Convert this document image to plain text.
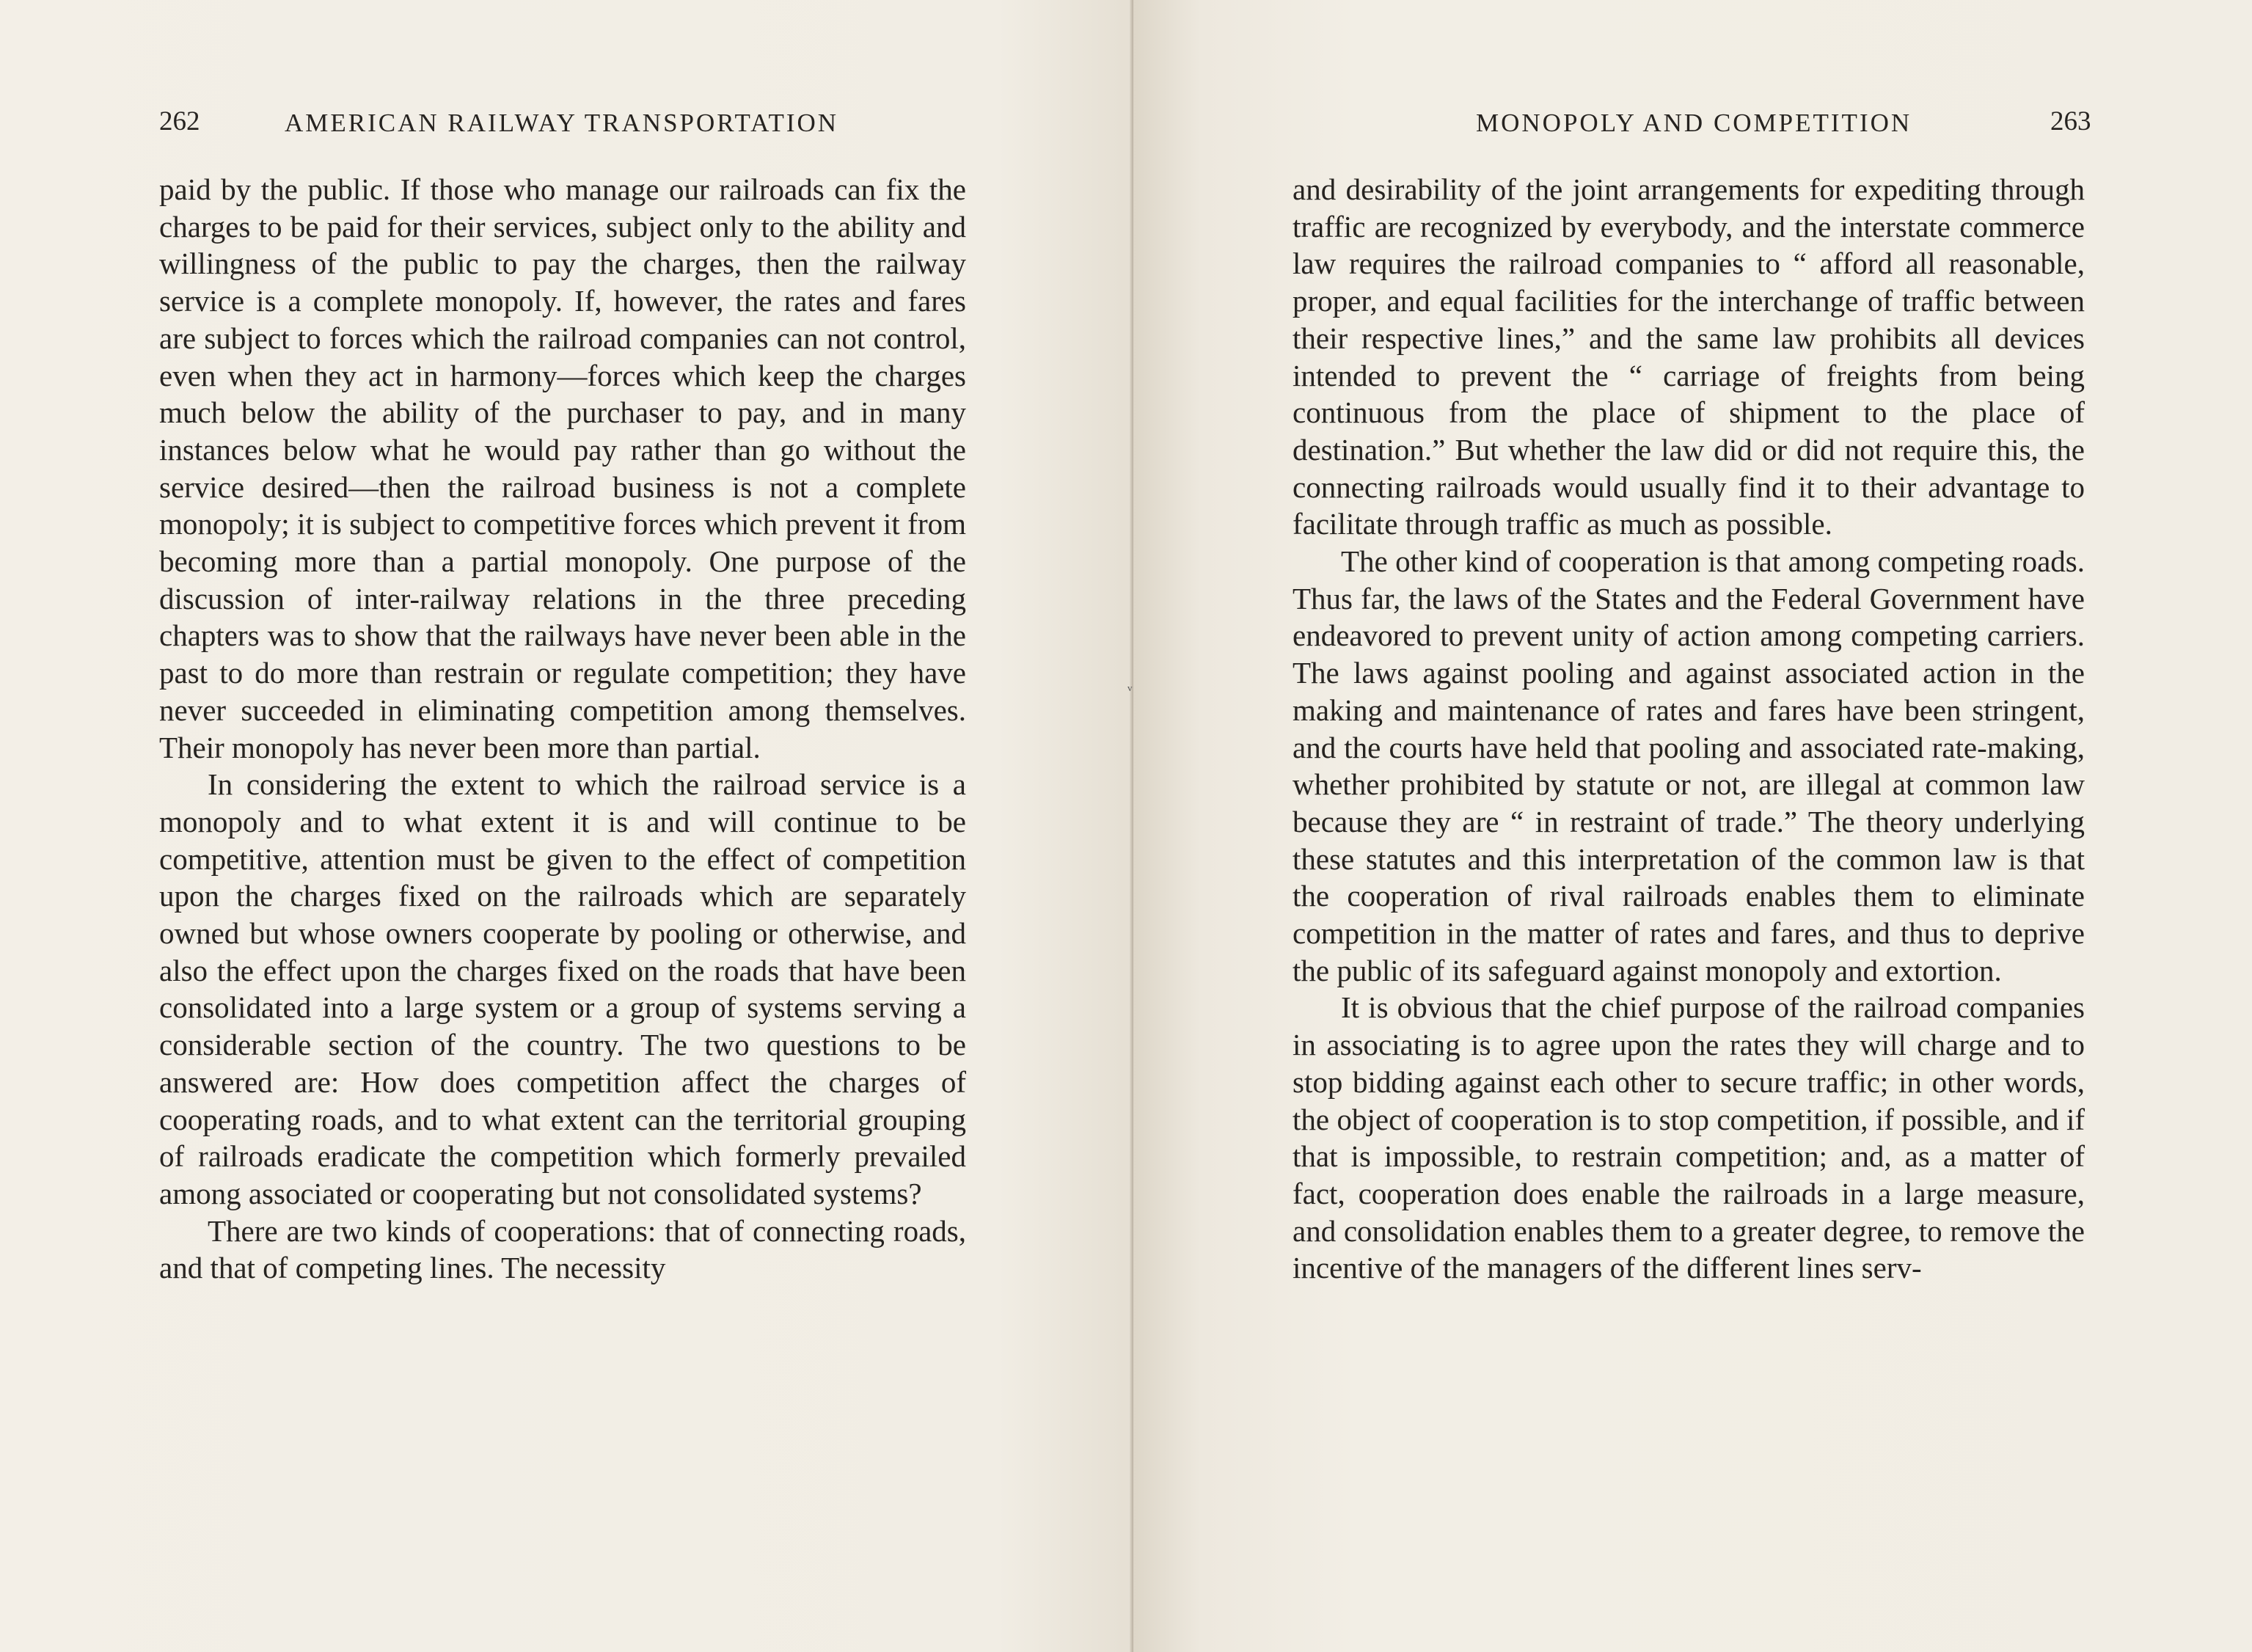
262	AMERICAN RAILWAY TRANSPORTATION

paid by the public. If those who manage our railroads can fix the charges to be paid for their services, subject only to the ability and willingness of the public to pay the charges, then the railway service is a complete monopoly. If, however, the rates and fares are subject to forces which the railroad companies can not control, even when they act in harmony—forces which keep the charges much below the ability of the purchaser to pay, and in many instances below what he would pay rather than go without the service desired—then the railroad business is not a complete monopoly; it is subject to competitive forces which prevent it from becoming more than a partial monopoly. One purpose of the discussion of inter-railway relations in the three preceding chapters was to show that the railways have never been able in the past to do more than restrain or regulate competition; they have never succeeded in eliminating competition among themselves. Their monopoly has never been more than partial.

In considering the extent to which the railroad service is a monopoly and to what extent it is and will continue to be competitive, attention must be given to the effect of competition upon the charges fixed on the railroads which are separately owned but whose owners cooperate by pooling or otherwise, and also the effect upon the charges fixed on the roads that have been consolidated into a large system or a group of systems serving a considerable section of the country. The two questions to be answered are: How does competition affect the charges of cooperating roads, and to what extent can the territorial grouping of railroads eradicate the competition which formerly prevailed among associated or cooperating but not consolidated systems?

There are two kinds of cooperations: that of connecting roads, and that of competing lines. The necessity

ᵥ
MONOPOLY AND COMPETITION	263

and desirability of the joint arrangements for expediting through traffic are recognized by everybody, and the interstate commerce law requires the railroad companies to “ afford all reasonable, proper, and equal facilities for the interchange of traffic between their respective lines,” and the same law prohibits all devices intended to prevent the “ carriage of freights from being continuous from the place of shipment to the place of destination.” But whether the law did or did not require this, the connecting railroads would usually find it to their advantage to facilitate through traffic as much as possible.

The other kind of cooperation is that among competing roads. Thus far, the laws of the States and the Federal Government have endeavored to prevent unity of action among competing carriers. The laws against pooling and against associated action in the making and maintenance of rates and fares have been stringent, and the courts have held that pooling and associated rate-making, whether prohibited by statute or not, are illegal at common law because they are “ in restraint of trade.” The theory underlying these statutes and this interpretation of the common law is that the cooperation of rival railroads enables them to eliminate competition in the matter of rates and fares, and thus to deprive the public of its safeguard against monopoly and extortion.

It is obvious that the chief purpose of the railroad companies in associating is to agree upon the rates they will charge and to stop bidding against each other to secure traffic; in other words, the object of cooperation is to stop competition, if possible, and if that is impossible, to restrain competition; and, as a matter of fact, cooperation does enable the railroads in a large measure, and consolidation enables them to a greater degree, to remove the incentive of the managers of the different lines serv-
